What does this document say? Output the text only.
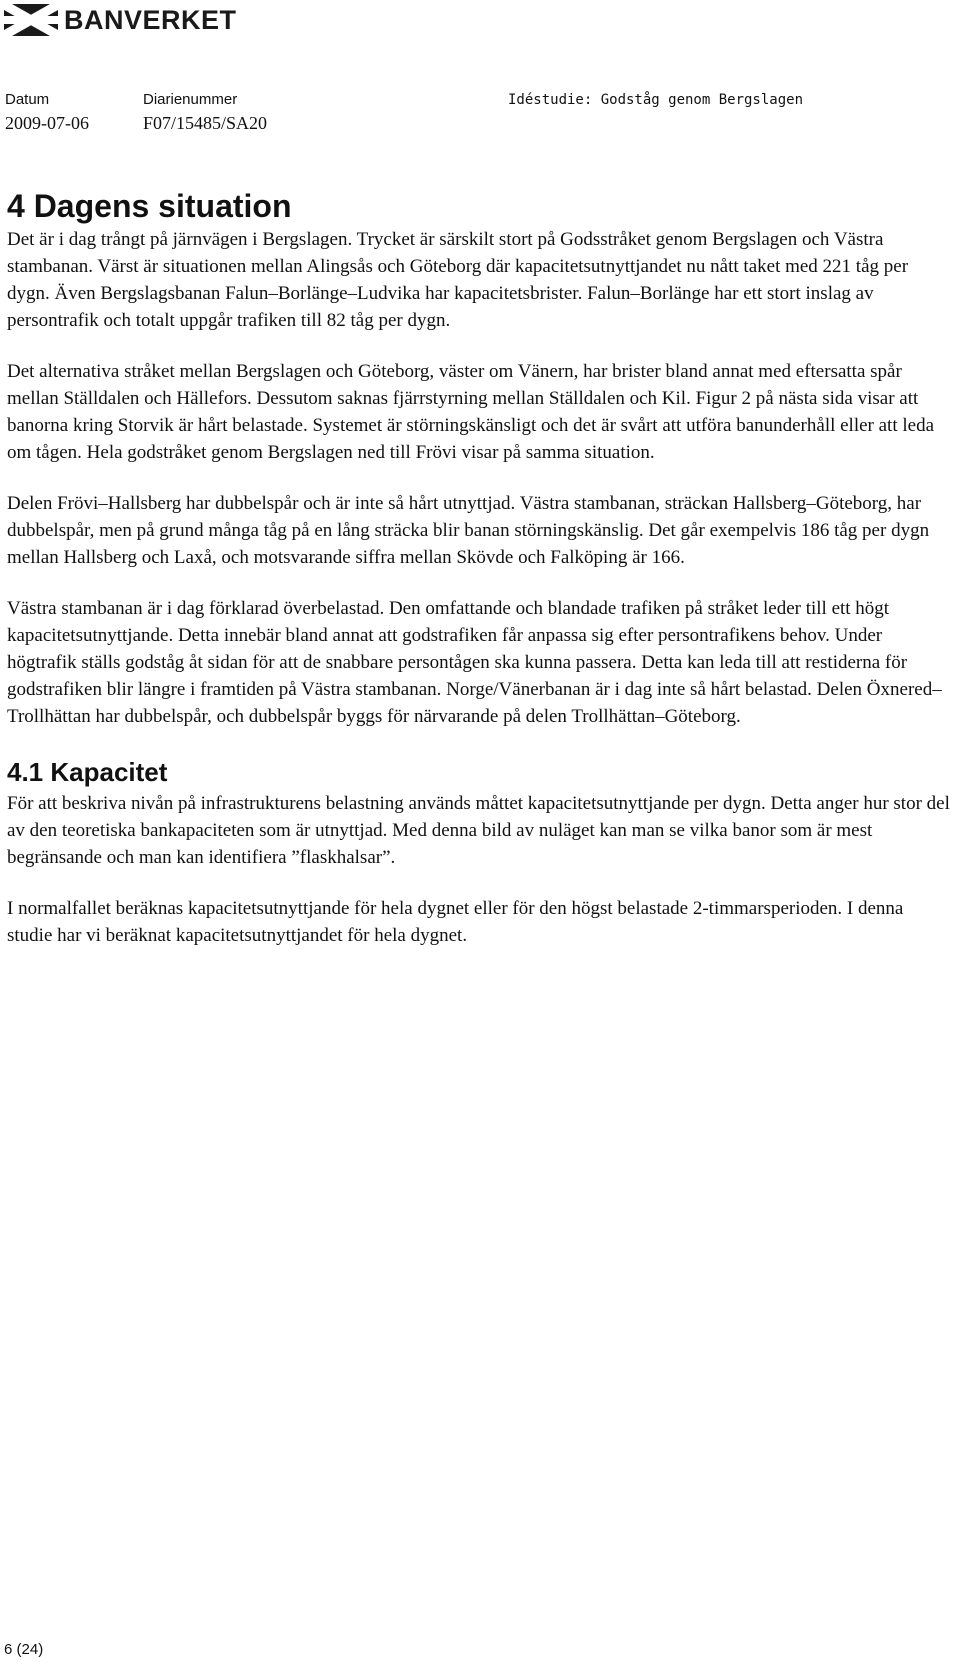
BANVERKET
Datum
2009-07-06
Diarienummer
F07/15485/SA20
Idéstudie: Godståg genom Bergslagen
4 Dagens situation

Det är i dag trångt på järnvägen i Bergslagen. Trycket är särskilt stort på Godsstråket genom Bergslagen och Västra stambanan. Värst är situationen mellan Alingsås och Göteborg där kapacitetsutnyttjandet nu nått taket med 221 tåg per dygn. Även Bergslagsbanan Falun–Borlänge–Ludvika har kapacitetsbrister. Falun–Borlänge har ett stort inslag av persontrafik och totalt uppgår trafiken till 82 tåg per dygn.

Det alternativa stråket mellan Bergslagen och Göteborg, väster om Vänern, har brister bland annat med eftersatta spår mellan Ställdalen och Hällefors. Dessutom saknas fjärrstyrning mellan Ställdalen och Kil. Figur 2 på nästa sida visar att banorna kring Storvik är hårt belastade. Systemet är störningskänsligt och det är svårt att utföra banunderhåll eller att leda om tågen. Hela godstråket genom Bergslagen ned till Frövi visar på samma situation.

Delen Frövi–Hallsberg har dubbelspår och är inte så hårt utnyttjad. Västra stambanan, sträckan Hallsberg–Göteborg, har dubbelspår, men på grund många tåg på en lång sträcka blir banan störningskänslig. Det går exempelvis 186 tåg per dygn mellan Hallsberg och Laxå, och motsvarande siffra mellan Skövde och Falköping är 166.

Västra stambanan är i dag förklarad överbelastad. Den omfattande och blandade trafiken på stråket leder till ett högt kapacitetsutnyttjande. Detta innebär bland annat att godstrafiken får anpassa sig efter persontrafikens behov. Under högtrafik ställs godståg åt sidan för att de snabbare persontågen ska kunna passera. Detta kan leda till att restiderna för godstrafiken blir längre i framtiden på Västra stambanan. Norge/Vänerbanan är i dag inte så hårt belastad. Delen Öxnered–Trollhättan har dubbelspår, och dubbelspår byggs för närvarande på delen Trollhättan–Göteborg.

4.1 Kapacitet

För att beskriva nivån på infrastrukturens belastning används måttet kapacitetsutnyttjande per dygn. Detta anger hur stor del av den teoretiska bankapaciteten som är utnyttjad. Med denna bild av nuläget kan man se vilka banor som är mest begränsande och man kan identifiera ”flaskhalsar”.

I normalfallet beräknas kapacitetsutnyttjande för hela dygnet eller för den högst belastade 2-timmarsperioden. I denna studie har vi beräknat kapacitetsutnyttjandet för hela dygnet.

6 (24)
